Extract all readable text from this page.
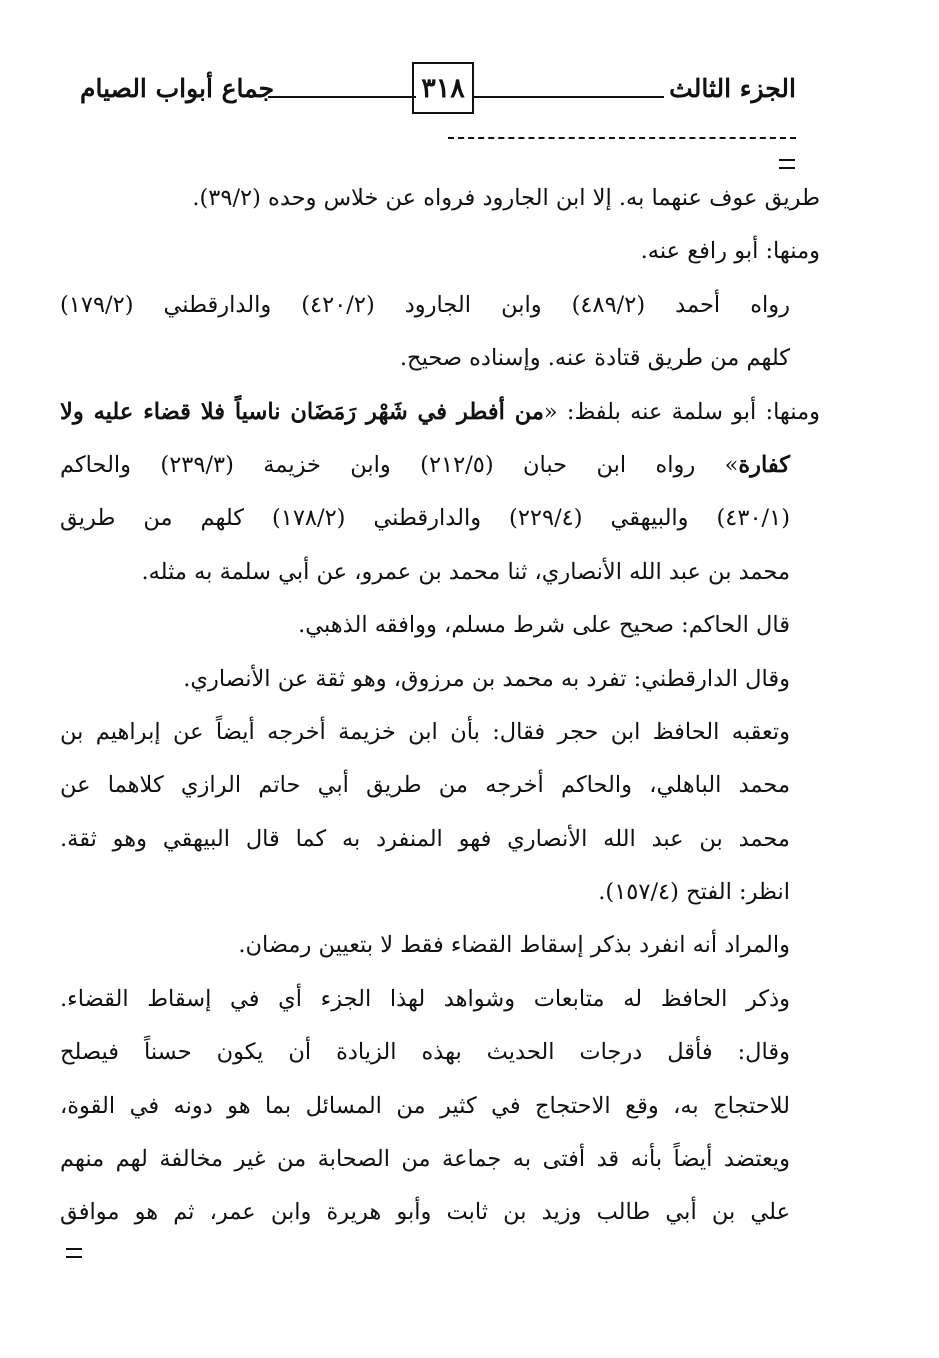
الجزء الثالث
٣١٨
جماع أبواب الصيام
طريق عوف عنهما به. إلا ابن الجارود فرواه عن خلاس وحده (٣٩/٢).
ومنها: أبو رافع عنه.
رواه أحمد (٤٨٩/٢) وابن الجارود (٤٢٠/٢) والدارقطني (١٧٩/٢)
كلهم من طريق قتادة عنه. وإسناده صحيح.
ومنها: أبو سلمة عنه بلفظ: «من أفطر في شَهْر رَمَضَان ناسياً فلا قضاء عليه ولا
كفارة» رواه ابن حبان (٢١٢/٥) وابن خزيمة (٢٣٩/٣) والحاكم
(٤٣٠/١) والبيهقي (٢٢٩/٤) والدارقطني (١٧٨/٢) كلهم من طريق
محمد بن عبد الله الأنصاري، ثنا محمد بن عمرو، عن أبي سلمة به مثله.
قال الحاكم: صحيح على شرط مسلم، ووافقه الذهبي.
وقال الدارقطني: تفرد به محمد بن مرزوق، وهو ثقة عن الأنصاري.
وتعقبه الحافظ ابن حجر فقال: بأن ابن خزيمة أخرجه أيضاً عن إبراهيم بن
محمد الباهلي، والحاكم أخرجه من طريق أبي حاتم الرازي كلاهما عن
محمد بن عبد الله الأنصاري فهو المنفرد به كما قال البيهقي وهو ثقة.
انظر: الفتح (١٥٧/٤).
والمراد أنه انفرد بذكر إسقاط القضاء فقط لا بتعيين رمضان.
وذكر الحافظ له متابعات وشواهد لهذا الجزء أي في إسقاط القضاء.
وقال: فأقل درجات الحديث بهذه الزيادة أن يكون حسناً فيصلح
للاحتجاج به، وقع الاحتجاج في كثير من المسائل بما هو دونه في القوة،
ويعتضد أيضاً بأنه قد أفتى به جماعة من الصحابة من غير مخالفة لهم منهم
علي بن أبي طالب وزيد بن ثابت وأبو هريرة وابن عمر، ثم هو موافق
